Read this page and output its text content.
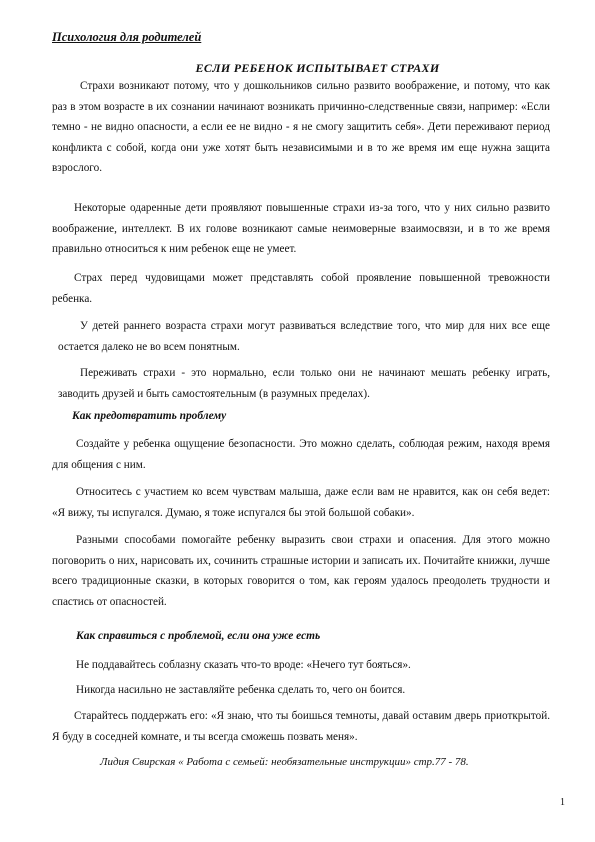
Психология для родителей
ЕСЛИ РЕБЕНОК ИСПЫТЫВАЕТ СТРАХИ
Страхи возникают потому, что у дошкольников сильно развито воображение, и потому, что как раз в этом возрасте в их сознании начинают возникать причинно-следственные связи, например: «Если темно - не видно опасности, а если ее не видно - я не смогу защитить себя». Дети переживают период конфликта с собой, когда они уже хотят быть независимыми и в то же время им еще нужна защита взрослого.
Некоторые одаренные дети проявляют повышенные страхи из-за того, что у них сильно развито воображение, интеллект. В их голове возникают самые неимоверные взаимосвязи, и в то же время правильно относиться к ним ребенок еще не умеет.
Страх перед чудовищами может представлять собой проявление повышенной тревожности ребенка.
У детей раннего возраста страхи могут развиваться вследствие того, что мир для них все еще остается далеко не во всем понятным.
Переживать страхи - это нормально, если только они не начинают мешать ребенку играть, заводить друзей и быть самостоятельным (в разумных пределах).
Как предотвратить проблему
Создайте у ребенка ощущение безопасности. Это можно сделать, соблюдая режим, находя время для общения с ним.
Относитесь с участием ко всем чувствам малыша, даже если вам не нравится, как он себя ведет: «Я вижу, ты испугался. Думаю, я тоже испугался бы этой большой собаки».
Разными способами помогайте ребенку выразить свои страхи и опасения. Для этого можно поговорить о них, нарисовать их, сочинить страшные истории и записать их. Почитайте книжки, лучше всего традиционные сказки, в которых говорится о том, как героям удалось преодолеть трудности и спастись от опасностей.
Как справиться с проблемой, если она уже есть
Не поддавайтесь соблазну сказать что-то вроде: «Нечего тут бояться».
Никогда насильно не заставляйте ребенка сделать то, чего он боится.
Старайтесь поддержать его: «Я знаю, что ты боишься темноты, давай оставим дверь приоткрытой. Я буду в соседней комнате, и ты всегда сможешь позвать меня».
Лидия Свирская « Работа с семьей: необязательные инструкции» стр.77 - 78.
1
